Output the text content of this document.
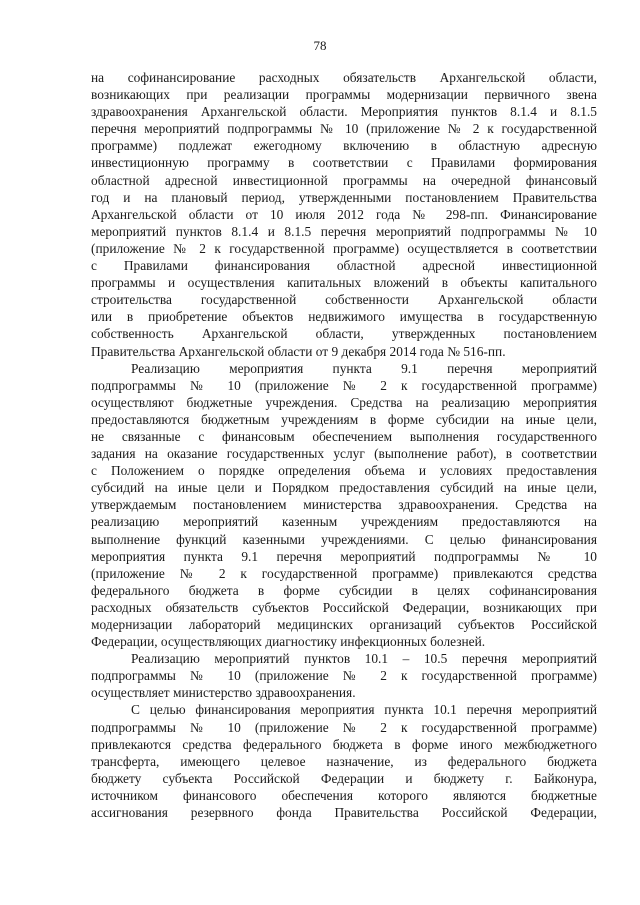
78
на софинансирование расходных обязательств Архангельской области,
возникающих при реализации программы модернизации первичного звена
здравоохранения Архангельской области. Мероприятия пунктов 8.1.4 и 8.1.5
перечня мероприятий подпрограммы № 10 (приложение № 2 к государственной
программе) подлежат ежегодному включению в областную адресную
инвестиционную программу в соответствии с Правилами формирования
областной адресной инвестиционной программы на очередной финансовый
год и на плановый период, утвержденными постановлением Правительства
Архангельской области от 10 июля 2012 года № 298-пп. Финансирование
мероприятий пунктов 8.1.4 и 8.1.5 перечня мероприятий подпрограммы № 10
(приложение № 2 к государственной программе) осуществляется в соответствии
с Правилами финансирования областной адресной инвестиционной
программы и осуществления капитальных вложений в объекты капитального
строительства государственной собственности Архангельской области
или в приобретение объектов недвижимого имущества в государственную
собственность Архангельской области, утвержденных постановлением
Правительства Архангельской области от 9 декабря 2014 года № 516-пп.
Реализацию мероприятия пункта 9.1 перечня мероприятий
подпрограммы № 10 (приложение № 2 к государственной программе)
осуществляют бюджетные учреждения. Средства на реализацию мероприятия
предоставляются бюджетным учреждениям в форме субсидии на иные цели,
не связанные с финансовым обеспечением выполнения государственного
задания на оказание государственных услуг (выполнение работ), в соответствии
с Положением о порядке определения объема и условиях предоставления
субсидий на иные цели и Порядком предоставления субсидий на иные цели,
утверждаемым постановлением министерства здравоохранения. Средства на
реализацию мероприятий казенным учреждениям предоставляются на
выполнение функций казенными учреждениями. С целью финансирования
мероприятия пункта 9.1 перечня мероприятий подпрограммы № 10
(приложение № 2 к государственной программе) привлекаются средства
федерального бюджета в форме субсидии в целях софинансирования
расходных обязательств субъектов Российской Федерации, возникающих при
модернизации лабораторий медицинских организаций субъектов Российской
Федерации, осуществляющих диагностику инфекционных болезней.
Реализацию мероприятий пунктов 10.1 – 10.5 перечня мероприятий
подпрограммы № 10 (приложение № 2 к государственной программе)
осуществляет министерство здравоохранения.
С целью финансирования мероприятия пункта 10.1 перечня мероприятий
подпрограммы № 10 (приложение № 2 к государственной программе)
привлекаются средства федерального бюджета в форме иного межбюджетного
трансферта, имеющего целевое назначение, из федерального бюджета
бюджету субъекта Российской Федерации и бюджету г. Байконура,
источником финансового обеспечения которого являются бюджетные
ассигнования резервного фонда Правительства Российской Федерации,
